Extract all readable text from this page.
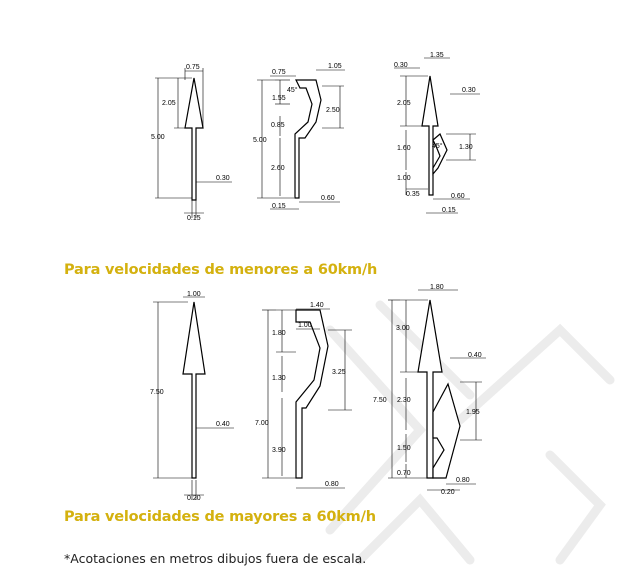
0.75
2.05
5.00
0.30
0.15
0.75
1.05
45°
1.55
2.50
0.85
5.00
2.60
0.15
0.60
1.35
0.30
0.30
2.05
1.60	45° 1.30
1.00
0.35	0.60
0.15
1.00
7.50
0.40
0.20
1.40
1.00
1.80
1.30
3.25
7.00
3.90
0.80
1.80
3.00
0.40
7.50 2.30
1.95
1.50
0.70
0.80
0.20
Para velocidades de menores a 60km/h
Para velocidades de mayores a 60km/h
*Acotaciones en metros dibujos fuera de escala.
